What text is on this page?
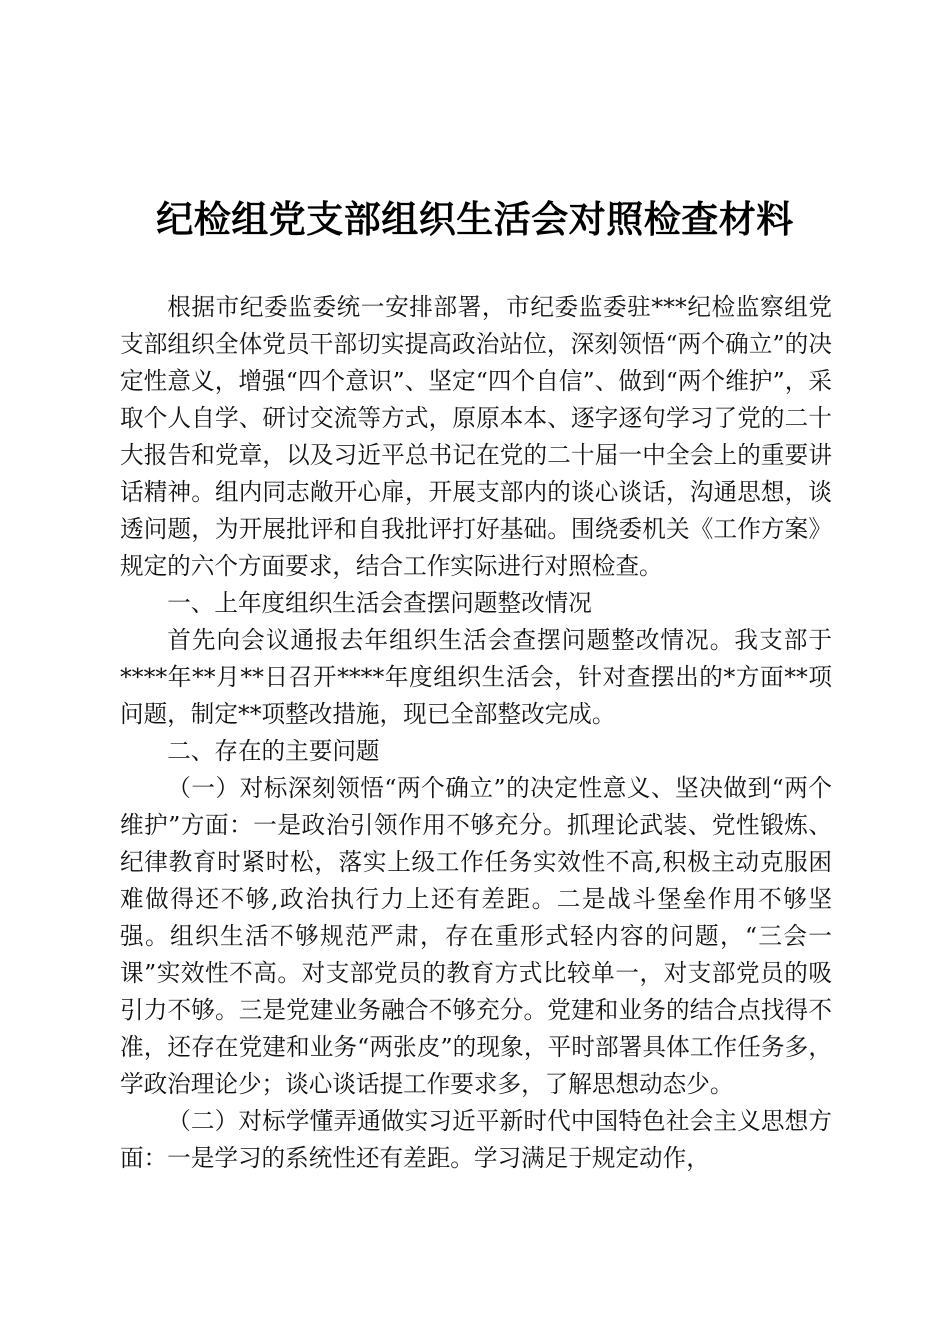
纪检组党支部组织生活会对照检查材料

根据市纪委监委统一安排部署，市纪委监委驻***纪检监察组党支部组织全体党员干部切实提高政治站位，深刻领悟“两个确立”的决定性意义，增强“四个意识”、坚定“四个自信”、做到“两个维护”，采取个人自学、研讨交流等方式，原原本本、逐字逐句学习了党的二十大报告和党章，以及习近平总书记在党的二十届一中全会上的重要讲话精神。组内同志敞开心扉，开展支部内的谈心谈话，沟通思想，谈透问题，为开展批评和自我批评打好基础。围绕委机关《工作方案》规定的六个方面要求，结合工作实际进行对照检查。

一、上年度组织生活会查摆问题整改情况

首先向会议通报去年组织生活会查摆问题整改情况。我支部于****年**月**日召开****年度组织生活会，针对查摆出的*方面**项问题，制定**项整改措施，现已全部整改完成。

二、存在的主要问题

（一）对标深刻领悟“两个确立”的决定性意义、坚决做到“两个维护”方面：一是政治引领作用不够充分。抓理论武装、党性锻炼、纪律教育时紧时松，落实上级工作任务实效性不高,积极主动克服困难做得还不够,政治执行力上还有差距。二是战斗堡垒作用不够坚强。组织生活不够规范严肃，存在重形式轻内容的问题，“三会一课”实效性不高。对支部党员的教育方式比较单一，对支部党员的吸引力不够。三是党建业务融合不够充分。党建和业务的结合点找得不准，还存在党建和业务“两张皮”的现象，平时部署具体工作任务多，学政治理论少；谈心谈话提工作要求多，了解思想动态少。

（二）对标学懂弄通做实习近平新时代中国特色社会主义思想方面：一是学习的系统性还有差距。学习满足于规定动作，
